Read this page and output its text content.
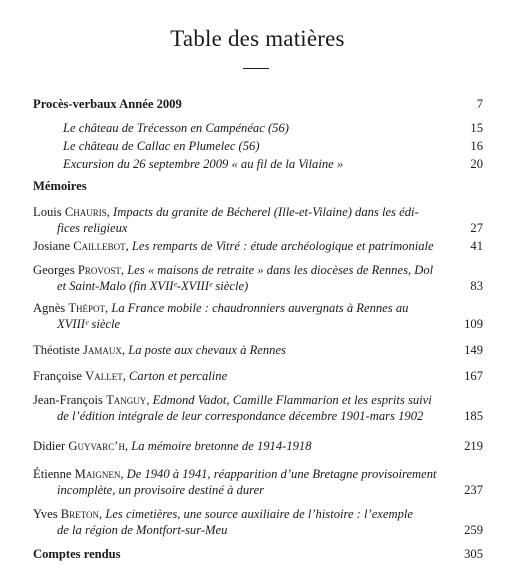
Table des matières
Procès-verbaux Année 2009	7
Le château de Trécesson en Campénéac (56)	15
Le château de Callac en Plumelec (56)	16
Excursion du 26 septembre 2009 « au fil de la Vilaine »	20
Mémoires
Louis Chauris, Impacts du granite de Bécherel (Ille-et-Vilaine) dans les édi-
fices religieux	27
Josiane Caillebot, Les remparts de Vitré : étude archéologique et patrimoniale	41
Georges Provost, Les « maisons de retraite » dans les diocèses de Rennes, Dol
et Saint-Malo (fin XVIIᵉ-XVIIIᵉ siècle)	83
Agnès Thépot, La France mobile : chaudronniers auvergnats à Rennes au
XVIIIᵉ siècle	109
Théotiste Jamaux, La poste aux chevaux à Rennes	149
Françoise Vallet, Carton et percaline	167
Jean-François Tanguy, Edmond Vadot, Camille Flammarion et les esprits suivi
de l’édition intégrale de leur correspondance décembre 1901-mars 1902	185
Didier Guyvarc’h, La mémoire bretonne de 1914-1918	219
Étienne Maignen, De 1940 à 1941, réapparition d’une Bretagne provisoirement
incomplète, un provisoire destiné à durer	237
Yves Breton, Les cimetières, une source auxiliaire de l’histoire : l’exemple
de la région de Montfort-sur-Meu	259
Comptes rendus	305
